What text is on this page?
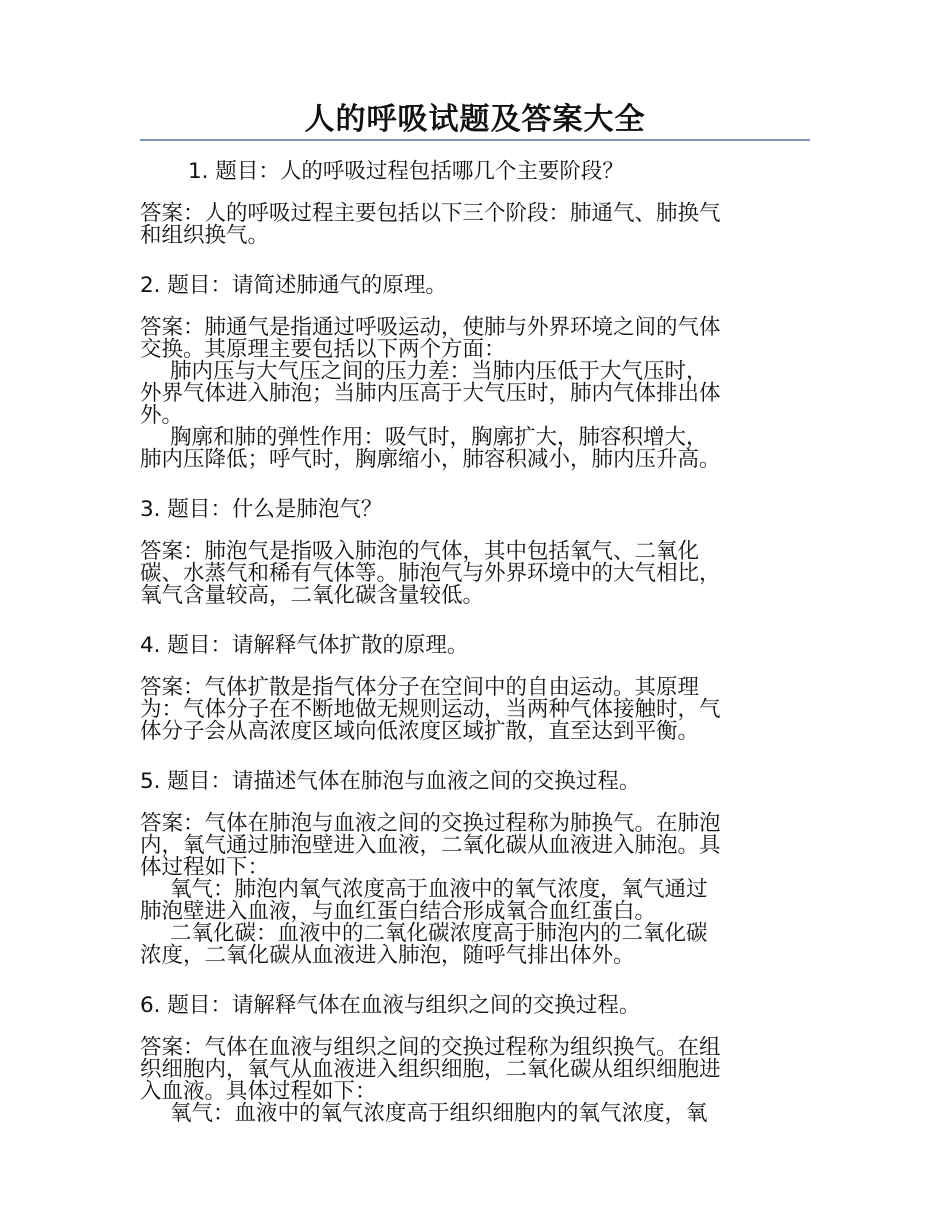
人的呼吸试题及答案大全
1. 题目：人的呼吸过程包括哪几个主要阶段？
答案：人的呼吸过程主要包括以下三个阶段：肺通气、肺换气
和组织换气。
2. 题目：请简述肺通气的原理。
答案：肺通气是指通过呼吸运动，使肺与外界环境之间的气体
交换。其原理主要包括以下两个方面：
肺内压与大气压之间的压力差：当肺内压低于大气压时，
外界气体进入肺泡；当肺内压高于大气压时，肺内气体排出体
外。
胸廓和肺的弹性作用：吸气时，胸廓扩大，肺容积增大，
肺内压降低；呼气时，胸廓缩小，肺容积减小，肺内压升高。
3. 题目：什么是肺泡气？
答案：肺泡气是指吸入肺泡的气体，其中包括氧气、二氧化
碳、水蒸气和稀有气体等。肺泡气与外界环境中的大气相比，
氧气含量较高，二氧化碳含量较低。
4. 题目：请解释气体扩散的原理。
答案：气体扩散是指气体分子在空间中的自由运动。其原理
为：气体分子在不断地做无规则运动，当两种气体接触时，气
体分子会从高浓度区域向低浓度区域扩散，直至达到平衡。
5. 题目：请描述气体在肺泡与血液之间的交换过程。
答案：气体在肺泡与血液之间的交换过程称为肺换气。在肺泡
内，氧气通过肺泡壁进入血液，二氧化碳从血液进入肺泡。具
体过程如下：
氧气：肺泡内氧气浓度高于血液中的氧气浓度，氧气通过
肺泡壁进入血液，与血红蛋白结合形成氧合血红蛋白。
二氧化碳：血液中的二氧化碳浓度高于肺泡内的二氧化碳
浓度，二氧化碳从血液进入肺泡，随呼气排出体外。
6. 题目：请解释气体在血液与组织之间的交换过程。
答案：气体在血液与组织之间的交换过程称为组织换气。在组
织细胞内，氧气从血液进入组织细胞，二氧化碳从组织细胞进
入血液。具体过程如下：
氧气：血液中的氧气浓度高于组织细胞内的氧气浓度，氧
